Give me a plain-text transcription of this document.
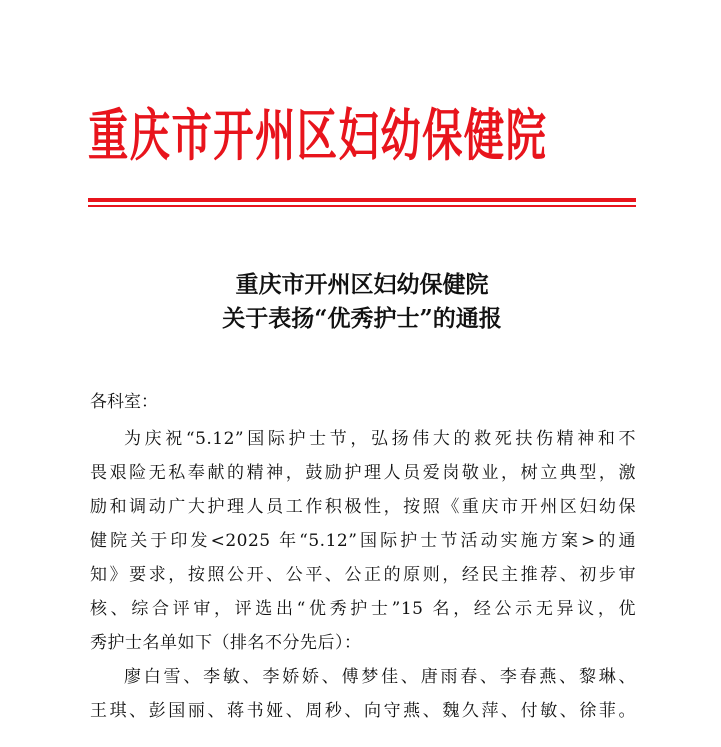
重庆市开州区妇幼保健院
重庆市开州区妇幼保健院
关于表扬“优秀护士”的通报
各科室：
为庆祝“5.12”国际护士节，弘扬伟大的救死扶伤精神和不
畏艰险无私奉献的精神，鼓励护理人员爱岗敬业，树立典型，激
励和调动广大护理人员工作积极性，按照《重庆市开州区妇幼保
健院关于印发<2025 年“5.12”国际护士节活动实施方案>的通
知》要求，按照公开、公平、公正的原则，经民主推荐、初步审
核、综合评审，评选出“优秀护士”15 名，经公示无异议，优
秀护士名单如下（排名不分先后）：
廖白雪、李敏、李娇娇、傅梦佳、唐雨春、李春燕、黎琳、
王琪、彭国丽、蒋书娅、周秒、向守燕、魏久萍、付敏、徐菲。
